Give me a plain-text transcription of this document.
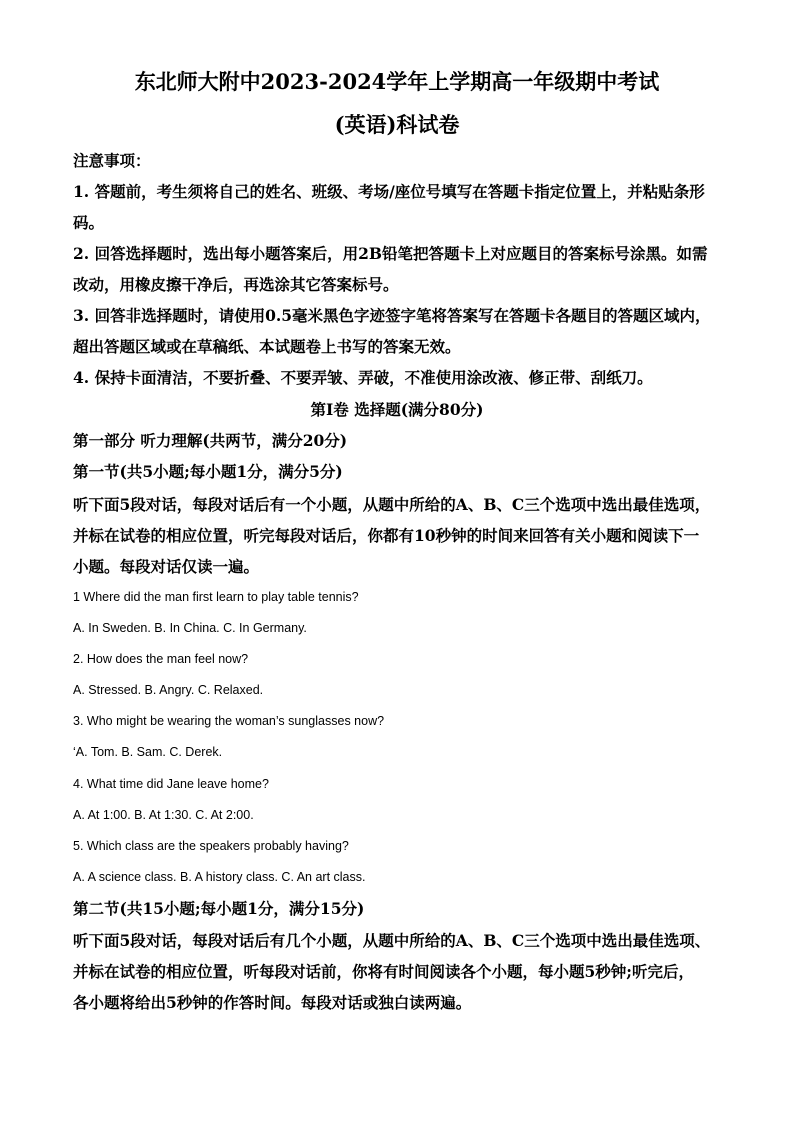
东北师大附中2023-2024学年上学期高一年级期中考试
(英语)科试卷
注意事项：
1. 答题前，考生须将自己的姓名、班级、考场/座位号填写在答题卡指定位置上，并粘贴条形
码。
2. 回答选择题时，选出每小题答案后，用2B铅笔把答题卡上对应题目的答案标号涂黑。如需
改动，用橡皮擦干净后，再选涂其它答案标号。
3. 回答非选择题时，请使用0.5毫米黑色字迹签字笔将答案写在答题卡各题目的答题区域内，
超出答题区域或在草稿纸、本试题卷上书写的答案无效。
4. 保持卡面清洁，不要折叠、不要弄皱、弄破，不准使用涂改液、修正带、刮纸刀。
第Ⅰ卷 选择题(满分80分)
第一部分 听力理解(共两节，满分20分)
第一节(共5小题;每小题1分，满分5分)
听下面5段对话，每段对话后有一个小题，从题中所给的A、B、C三个选项中选出最佳选项，
并标在试卷的相应位置，听完每段对话后，你都有10秒钟的时间来回答有关小题和阅读下一
小题。每段对话仅读一遍。
1 Where did the man first learn to play table tennis?
A. In Sweden. B. In China. C. In Germany.
2. How does the man feel now?
A. Stressed. B. Angry. C. Relaxed.
3. Who might be wearing the woman’s sunglasses now?
‘A. Tom. B. Sam. C. Derek.
4. What time did Jane leave home?
A. At 1:00. B. At 1:30. C. At 2:00.
5. Which class are the speakers probably having?
A. A science class. B. A history class. C. An art class.
第二节(共15小题;每小题1分，满分15分)
听下面5段对话，每段对话后有几个小题，从题中所给的A、B、C三个选项中选出最佳选项、
并标在试卷的相应位置，听每段对话前，你将有时间阅读各个小题，每小题5秒钟;听完后，
各小题将给出5秒钟的作答时间。每段对话或独白读两遍。
